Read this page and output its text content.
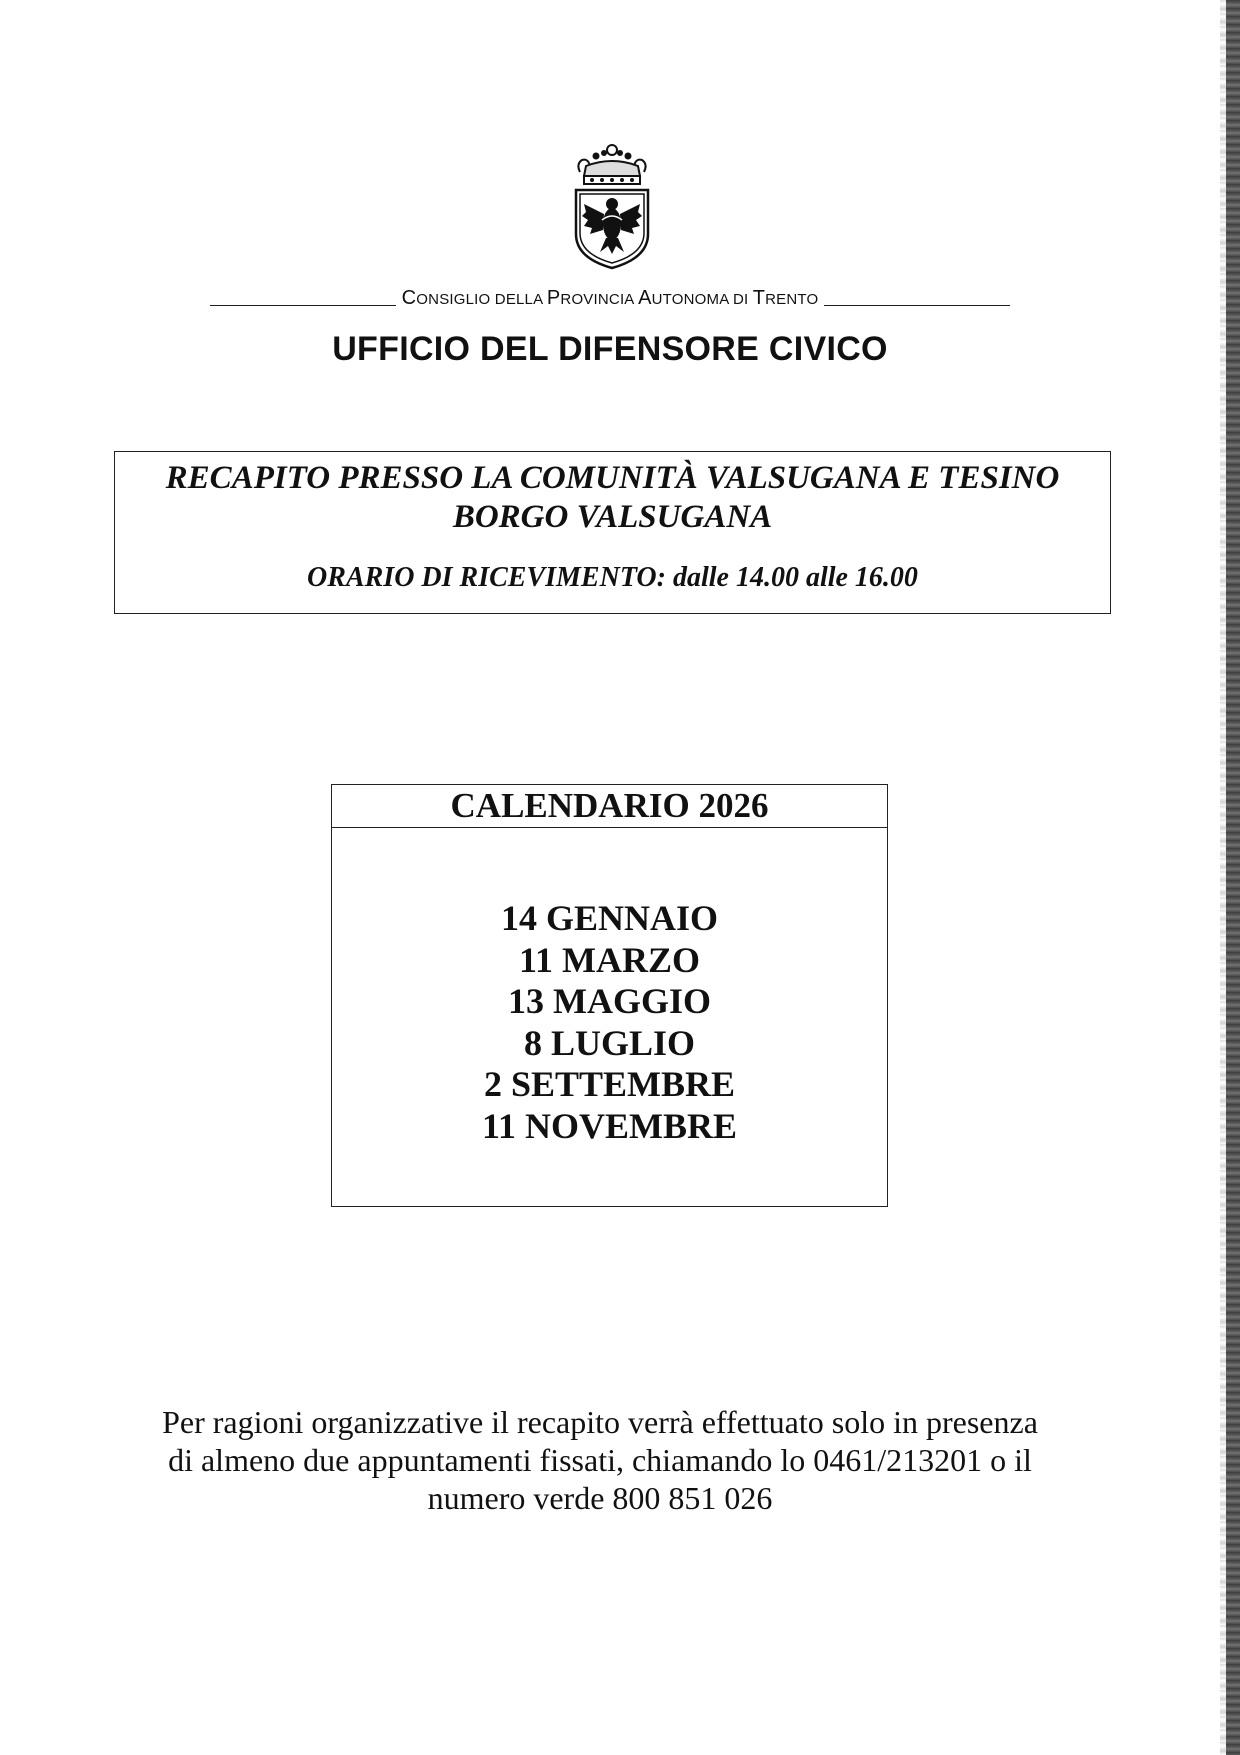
CONSIGLIO DELLA PROVINCIA AUTONOMA DI TRENTO
UFFICIO DEL DIFENSORE CIVICO
RECAPITO PRESSO LA COMUNITÀ VALSUGANA E TESINO
BORGO VALSUGANA
ORARIO DI RICEVIMENTO: dalle 14.00 alle 16.00
CALENDARIO 2026
14 GENNAIO
11 MARZO
13 MAGGIO
8 LUGLIO
2 SETTEMBRE
11 NOVEMBRE

Per ragioni organizzative il recapito verrà effettuato solo in presenza

di almeno due appuntamenti fissati, chiamando lo 0461/213201 o il

numero verde 800 851 026
